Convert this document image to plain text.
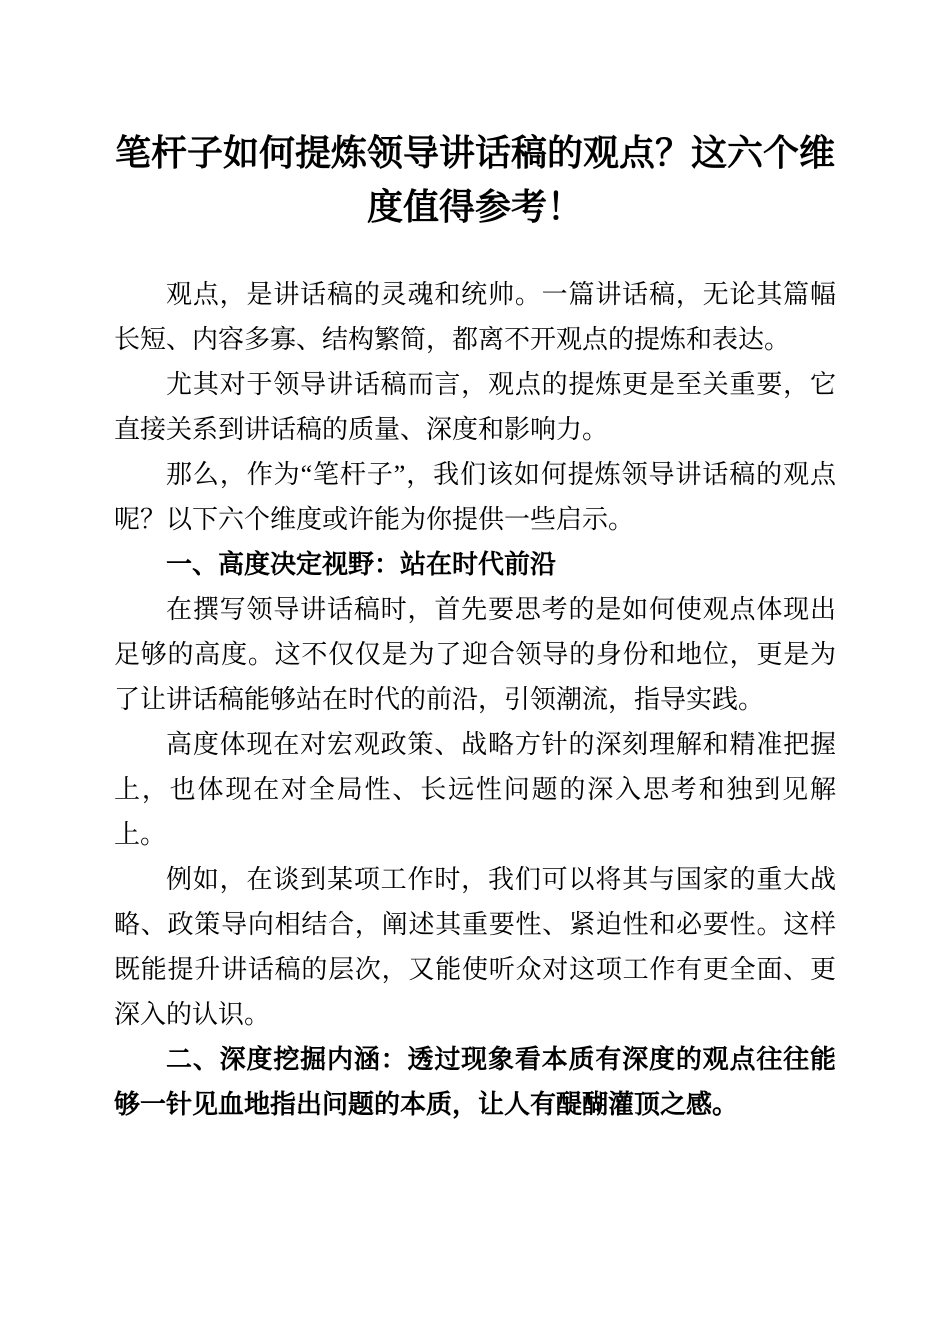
笔杆子如何提炼领导讲话稿的观点？这六个维度值得参考！

观点，是讲话稿的灵魂和统帅。一篇讲话稿，无论其篇幅长短、内容多寡、结构繁简，都离不开观点的提炼和表达。

尤其对于领导讲话稿而言，观点的提炼更是至关重要，它直接关系到讲话稿的质量、深度和影响力。

那么，作为“笔杆子”，我们该如何提炼领导讲话稿的观点呢？以下六个维度或许能为你提供一些启示。

一、高度决定视野：站在时代前沿

在撰写领导讲话稿时，首先要思考的是如何使观点体现出足够的高度。这不仅仅是为了迎合领导的身份和地位，更是为了让讲话稿能够站在时代的前沿，引领潮流，指导实践。

高度体现在对宏观政策、战略方针的深刻理解和精准把握上，也体现在对全局性、长远性问题的深入思考和独到见解上。

例如，在谈到某项工作时，我们可以将其与国家的重大战略、政策导向相结合，阐述其重要性、紧迫性和必要性。这样既能提升讲话稿的层次，又能使听众对这项工作有更全面、更深入的认识。

二、深度挖掘内涵：透过现象看本质有深度的观点往往能够一针见血地指出问题的本质，让人有醍醐灌顶之感。
